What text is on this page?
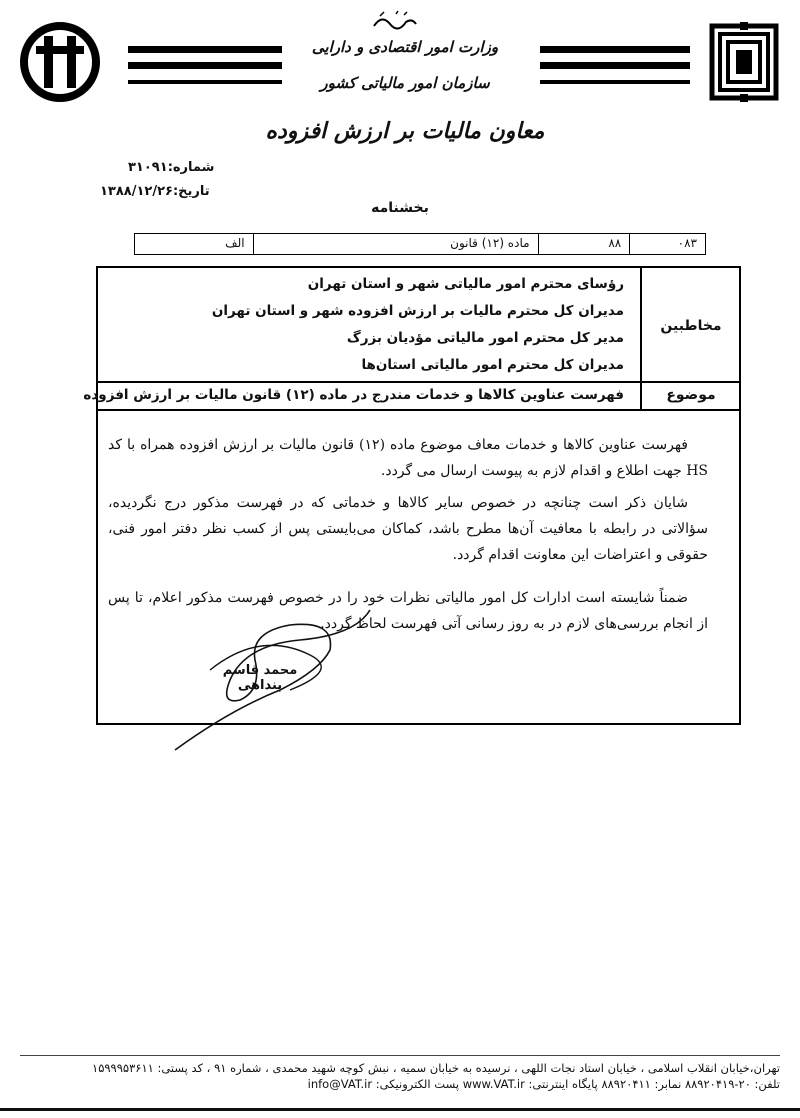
وزارت امور اقتصادی و دارایی
سازمان امور مالیاتی کشور
معاون مالیات بر ارزش افزوده
شماره:۳۱۰۹۱
تاریخ:۱۳۸۸/۱۲/۲۶
بخشنامه
۰۸۳
۸۸
ماده (۱۲) قانون
الف
مخاطبین
رؤسای محترم امور مالیاتی شهر و استان تهران
مدیران کل محترم مالیات بر ارزش افزوده شهر و استان تهران
مدیر کل محترم امور مالیاتی مؤدیان بزرگ
مدیران کل محترم امور مالیاتی استان‌ها
موضوع
فهرست عناوین کالاها و خدمات مندرج در ماده (۱۲) قانون مالیات بر ارزش افزوده
فهرست عناوین کالاها و خدمات معاف موضوع ماده (۱۲) قانون مالیات بر ارزش افزوده همراه با کد HS جهت اطلاع و اقدام لازم به پیوست ارسال می گردد.
شایان ذکر است چنانچه در خصوص سایر کالاها و خدماتی که در فهرست مذکور درج نگردیده، سؤالاتی در رابطه با معافیت آن‌ها مطرح باشد، کماکان می‌بایستی پس از کسب نظر دفتر امور فنی، حقوقی و اعتراضات این معاونت اقدام گردد.
ضمناً شایسته است ادارات کل امور مالیاتی نظرات خود را در خصوص فهرست مذکور اعلام، تا پس از انجام بررسی‌های لازم در به روز رسانی آتی فهرست لحاظ گردد.
محمد قاسم پنداهی
تهران،خیابان انقلاب اسلامی ، خیابان استاد نجات اللهی ، نرسیده به خیابان سمیه ، نبش کوچه شهید محمدی ، شماره ۹۱ ، کد پستی: ۱۵۹۹۹۵۳۶۱۱
تلفن: ۲۰-۸۸۹۲۰۴۱۹ نمابر: ۸۸۹۲۰۴۱۱ پایگاه اینترنتی: www.VAT.ir پست الکترونیکی: info@VAT.ir
